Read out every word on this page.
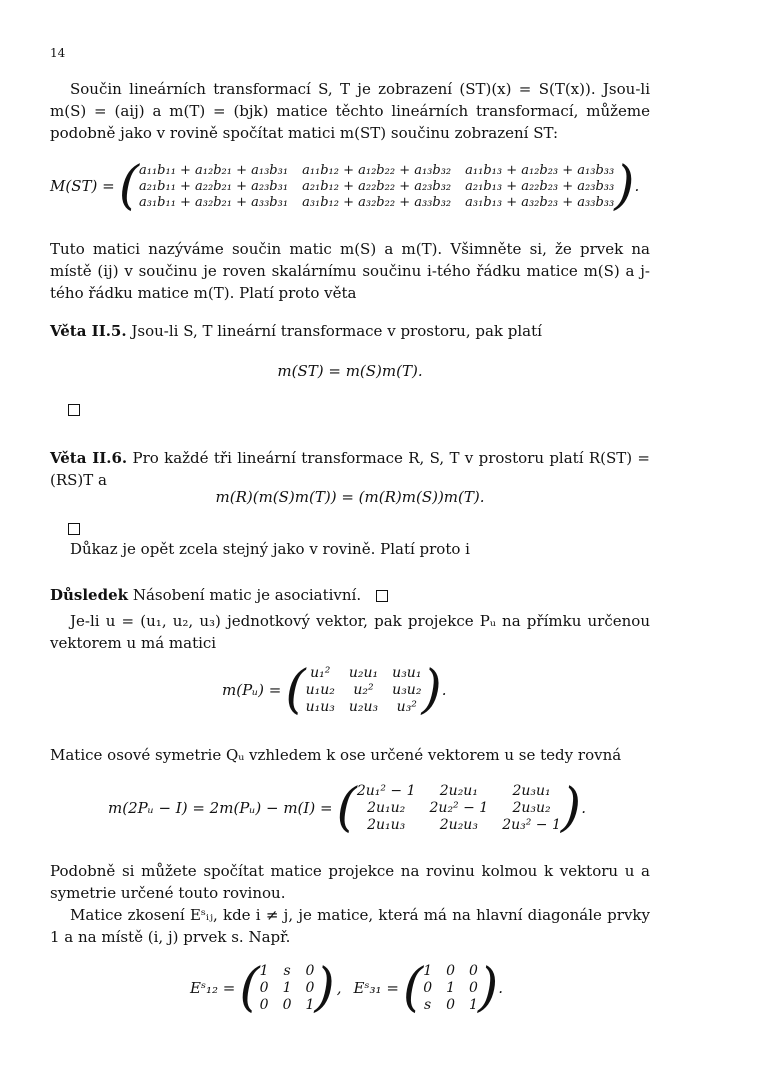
14
Součin lineárních transformací S, T je zobrazení (ST)(x) = S(T(x)). Jsou-li m(S) = (aij) a m(T) = (bjk) matice těchto lineárních transformací, můžeme podobně jako v rovině spočítat matici m(ST) součinu zobrazení ST:
M(ST) = ( a₁₁b₁₁ + a₁₂b₂₁ + a₁₃b₃₁ a₁₁b₁₂ + a₁₂b₂₂ + a₁₃b₃₂ a₁₁b₁₃ + a₁₂b₂₃ + a₁₃b₃₃
a₂₁b₁₁ + a₂₂b₂₁ + a₂₃b₃₁ a₂₁b₁₂ + a₂₂b₂₂ + a₂₃b₃₂ a₂₁b₁₃ + a₂₂b₂₃ + a₂₃b₃₃
a₃₁b₁₁ + a₃₂b₂₁ + a₃₃b₃₁ a₃₁b₁₂ + a₃₂b₂₂ + a₃₃b₃₂ a₃₁b₁₃ + a₃₂b₂₃ + a₃₃b₃₃ ) .
Tuto matici nazýváme součin matic m(S) a m(T). Všimněte si, že prvek na místě (ij) v součinu je roven skalárnímu součinu i-tého řádku matice m(S) a j-tého řádku matice m(T). Platí proto věta
Věta II.5. Jsou-li S, T lineární transformace v prostoru, pak platí
m(ST) = m(S)m(T).
Věta II.6. Pro každé tři lineární transformace R, S, T v prostoru platí R(ST) = (RS)T a
m(R)(m(S)m(T)) = (m(R)m(S))m(T).
Důkaz je opět zcela stejný jako v rovině. Platí proto i
Důsledek Násobení matic je asociativní.
Je-li u = (u₁, u₂, u₃) jednotkový vektor, pak projekce Pᵤ na přímku určenou vektorem u má matici
m(Pᵤ) = ( u₁²	u₂u₁ u₃u₁
u₁u₂	u₂²	u₃u₂
u₁u₃ u₂u₃	u₃² ) .
Matice osové symetrie Qᵤ vzhledem k ose určené vektorem u se tedy rovná
m(2Pᵤ − I) = 2m(Pᵤ) − m(I) = ( 2u₁² − 1	2u₂u₁	2u₃u₁
2u₁u₂	2u₂² − 1	2u₃u₂
2u₁u₃	2u₂u₃	2u₃² − 1 ) .
Podobně si můžete spočítat matice projekce na rovinu kolmou k vektoru u a symetrie určené touto rovinou.
Matice zkosení Eˢᵢⱼ, kde i ≠ j, je matice, která má na hlavní diagonále prvky 1 a na místě (i, j) prvek s. Např.
Eˢ₁₂ = ( 1 s 0
0 1 0
0 0 1 ) , Eˢ₃₁ = ( 1 0 0
0 1 0
s 0 1 ) .
